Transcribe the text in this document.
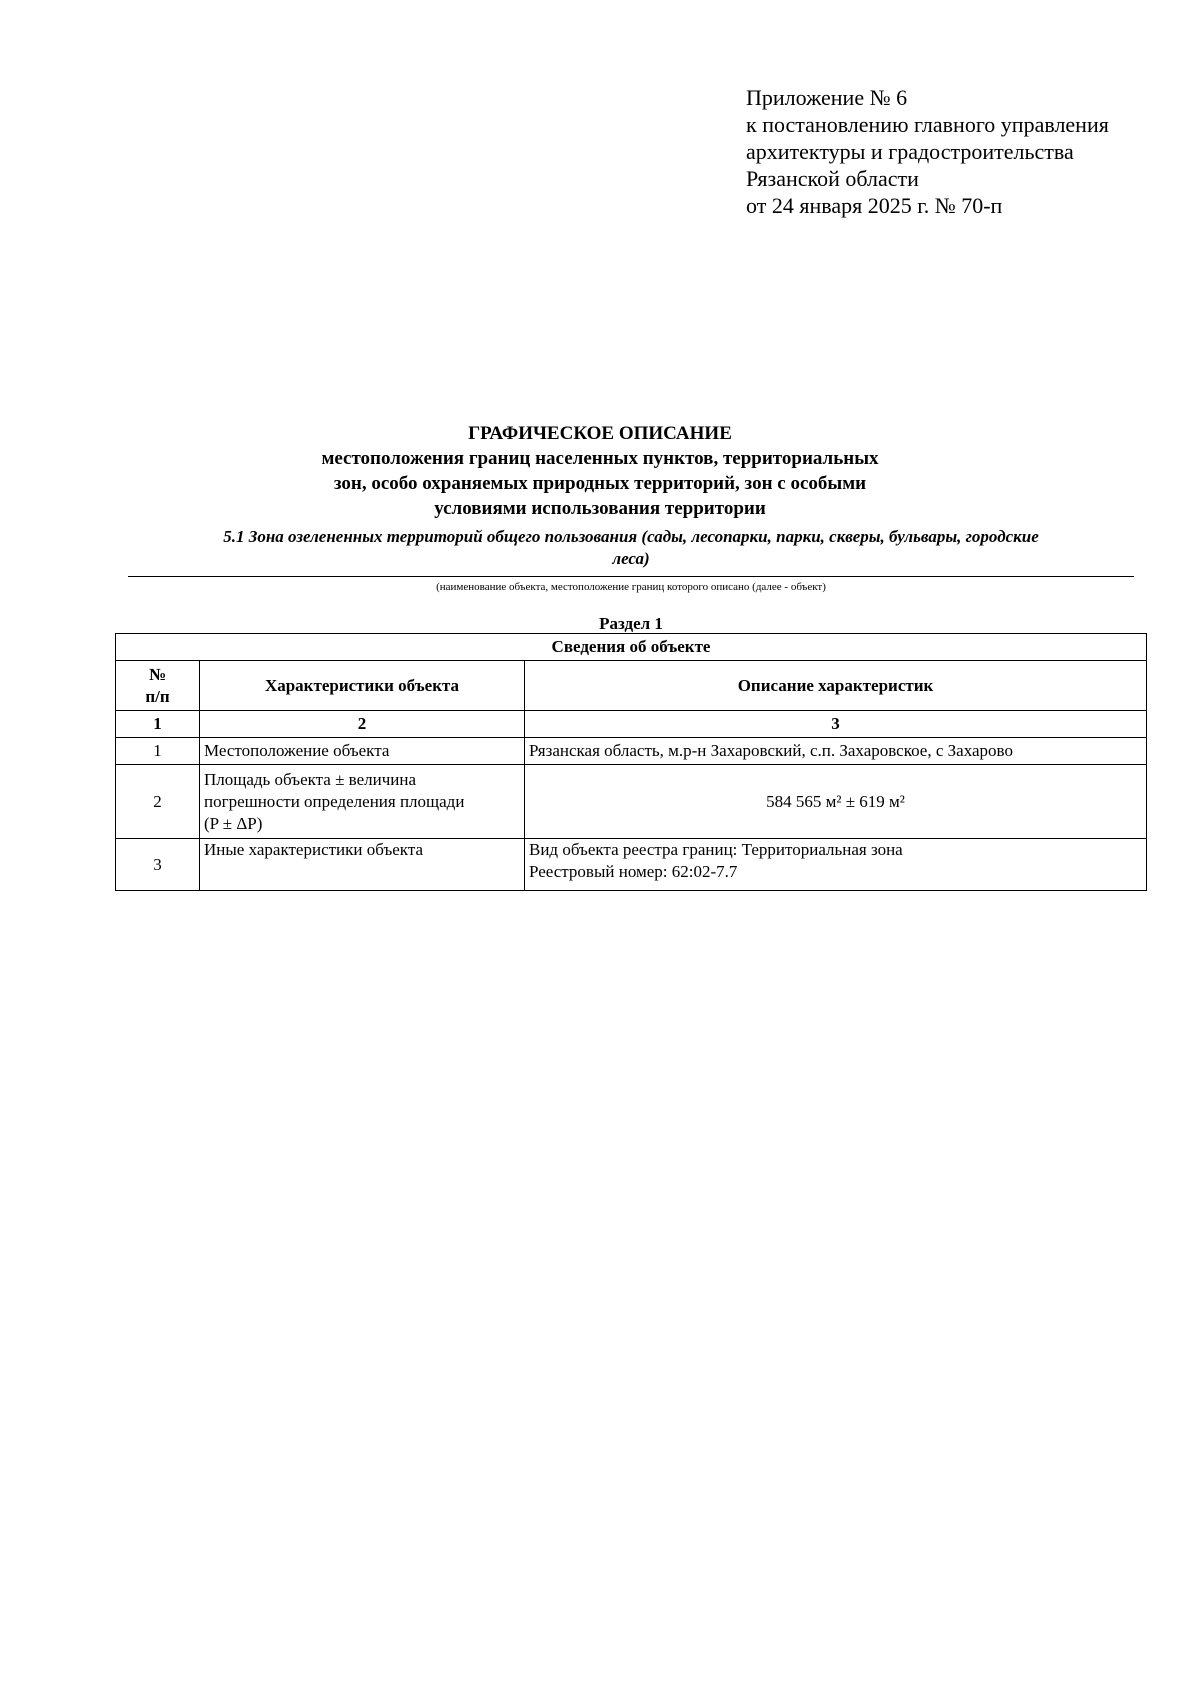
Приложение № 6
к постановлению главного управления
архитектуры и градостроительства
Рязанской области
от 24 января 2025 г. № 70-п
ГРАФИЧЕСКОЕ ОПИСАНИЕ
местоположения границ населенных пунктов, территориальных
зон, особо охраняемых природных территорий, зон с особыми
условиями использования территории
5.1 Зона озелененных территорий общего пользования (сады, лесопарки, парки, скверы, бульвары, городские
леса)
(наименование объекта, местоположение границ которого описано (далее - объект)
Раздел 1
Сведения об объекте		

№
п/п	Характеристики объекта	Описание характеристик
1	2	3
1	Местоположение объекта	Рязанская область, м.р-н Захаровский, с.п. Захаровское, с Захарово
2	Площадь объекта ± величина
погрешности определения площади
(P ± ΔP)	584 565 м² ± 619 м²
3	Иные характеристики объекта	Вид объекта реестра границ: Территориальная зона
Реестровый номер: 62:02-7.7
